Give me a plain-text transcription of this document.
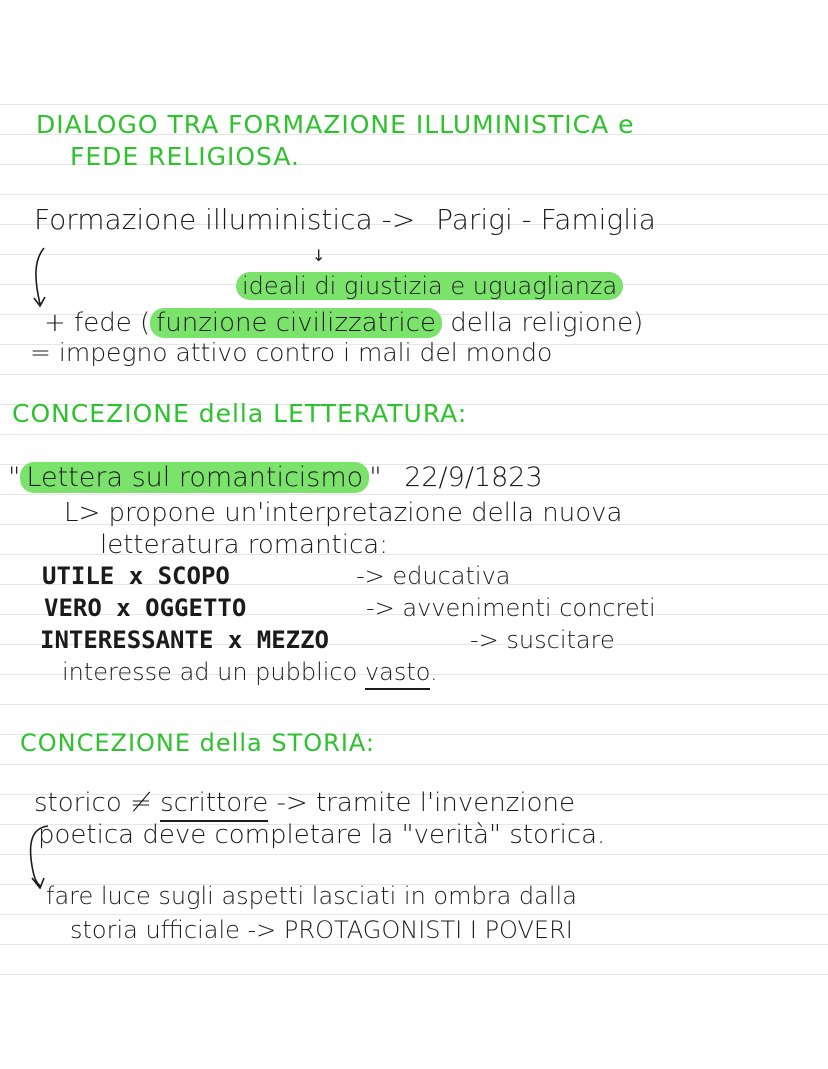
DIALOGO TRA FORMAZIONE ILLUMINISTICA e
FEDE RELIGIOSA.
Formazione illuministica -> Parigi - Famiglia
↓
ideali di giustizia e uguaglianza
+ fede ( funzione civilizzatrice della religione)
= impegno attivo contro i mali del mondo
CONCEZIONE della LETTERATURA:
" Lettera sul romanticismo " 22/9/1823
L> propone un'interpretazione della nuova
letteratura romantica:
UTILE x SCOPO	-> educativa
VERO x OGGETTO	-> avvenimenti concreti
INTERESSANTE x MEZZO	-> suscitare
interesse ad un pubblico vasto.
CONCEZIONE della STORIA:
storico ≠ scrittore -> tramite l'invenzione
poetica deve completare la "verità" storica.
fare luce sugli aspetti lasciati in ombra dalla
storia ufficiale -> PROTAGONISTI I POVERI
